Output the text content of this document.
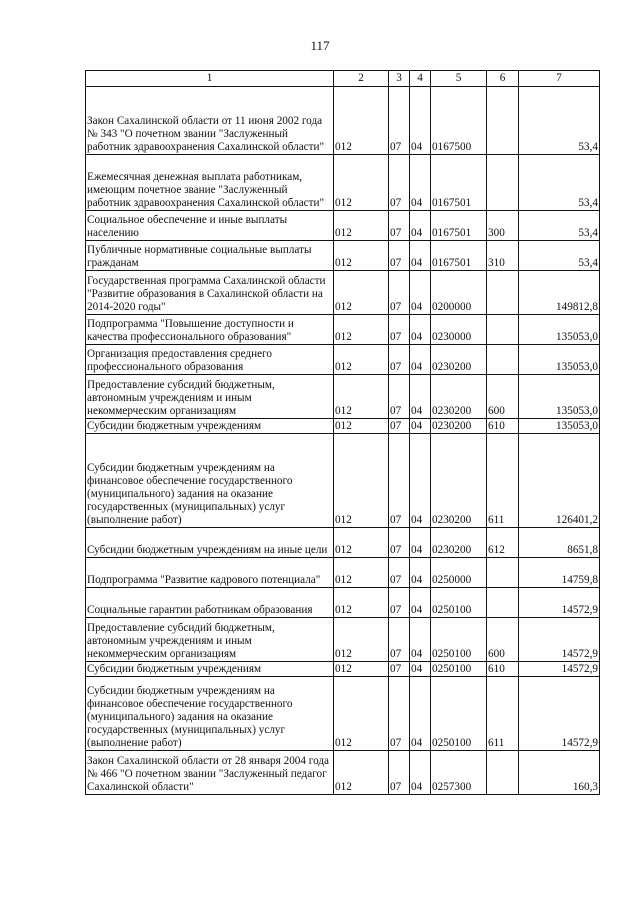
117
1	2	3	4	5	6	7
Закон Сахалинской области от 11 июня 2002 года № 343 "О почетном звании "Заслуженный работник здравоохранения Сахалинской области"	012	07	04	0167500		53,4
Ежемесячная денежная выплата работникам, имеющим почетное звание "Заслуженный работник здравоохранения Сахалинской области"	012	07	04	0167501		53,4
Социальное обеспечение и иные выплаты населению	012	07	04	0167501	300	53,4
Публичные нормативные социальные выплаты гражданам	012	07	04	0167501	310	53,4
Государственная программа Сахалинской области "Развитие образования в Сахалинской области на 2014-2020 годы"	012	07	04	0200000		149812,8
Подпрограмма "Повышение доступности и качества профессионального образования"	012	07	04	0230000		135053,0
Организация предоставления среднего профессионального образования	012	07	04	0230200		135053,0
Предоставление субсидий бюджетным, автономным учреждениям и иным некоммерческим организациям	012	07	04	0230200	600	135053,0
Субсидии бюджетным учреждениям	012	07	04	0230200	610	135053,0
Субсидии бюджетным учреждениям на финансовое обеспечение государственного (муниципального) задания на оказание государственных (муниципальных) услуг (выполнение работ)	012	07	04	0230200	611	126401,2
Субсидии бюджетным учреждениям на иные цели	012	07	04	0230200	612	8651,8
Подпрограмма "Развитие кадрового потенциала"	012	07	04	0250000		14759,8
Социальные гарантии работникам образования	012	07	04	0250100		14572,9
Предоставление субсидий бюджетным, автономным учреждениям и иным некоммерческим организациям	012	07	04	0250100	600	14572,9
Субсидии бюджетным учреждениям	012	07	04	0250100	610	14572,9
Субсидии бюджетным учреждениям на финансовое обеспечение государственного (муниципального) задания на оказание государственных (муниципальных) услуг (выполнение работ)	012	07	04	0250100	611	14572,9
Закон Сахалинской области от 28 января 2004 года № 466 "О почетном звании "Заслуженный педагог Сахалинской области"	012	07	04	0257300		160,3
